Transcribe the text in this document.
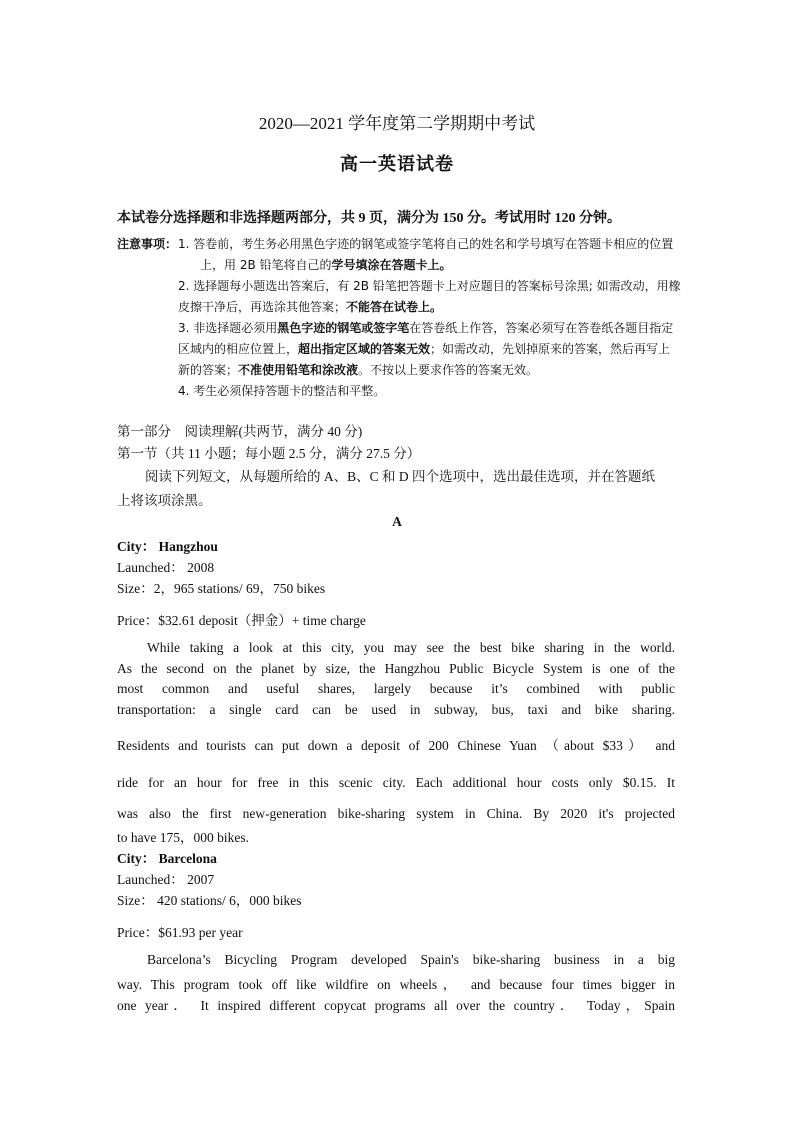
2020—2021 学年度第二学期期中考试
高一英语试卷
本试卷分选择题和非选择题两部分，共 9 页，满分为 150 分。考试用时 120 分钟。
注意事项： 1. 答卷前，考生务必用黑色字迹的钢笔或签字笔将自己的姓名和学号填写在答题卡相应的位置
上，用 2B 铅笔将自己的学号填涂在答题卡上。
2. 选择题每小题选出答案后，有 2B 铅笔把答题卡上对应题目的答案标号涂黑; 如需改动，用橡
皮擦干净后，再选涂其他答案；不能答在试卷上。
3. 非选择题必须用黑色字迹的钢笔或签字笔在答卷纸上作答，答案必须写在答卷纸各题目指定
区域内的相应位置上，超出指定区域的答案无效；如需改动，先划掉原来的答案，然后再写上
新的答案；不准使用铅笔和涂改液。不按以上要求作答的答案无效。
4. 考生必须保持答题卡的整洁和平整。
第一部分　阅读理解(共两节，满分 40 分)
第一节（共 11 小题；每小题 2.5 分，满分 27.5 分）
阅读下列短文，从每题所给的 A、B、C 和 D 四个选项中，选出最佳选项，并在答题纸
上将该项涂黑。
A
City： Hangzhou
Launched： 2008
Size：2，965 stations/ 69，750 bikes
Price：$32.61 deposit（押金）+ time charge
While taking a look at this city, you may see the best bike sharing in the world.
As the second on the planet by size, the Hangzhou Public Bicycle System is one of the
most common and useful shares, largely because it’s combined with public
transportation: a single card can be used in subway, bus, taxi and bike sharing.
Residents and tourists can put down a deposit of 200 Chinese Yuan （about $33） and
ride for an hour for free in this scenic city. Each additional hour costs only $0.15. It
was also the first new-generation bike-sharing system in China. By 2020 it's projected
to have 175，000 bikes.
City： Barcelona
Launched： 2007
Size： 420 stations/ 6，000 bikes
Price：$61.93 per year
Barcelona’s Bicycling Program developed Spain's bike-sharing business in a big
way. This program took off like wildfire on wheels， and because four times bigger in
one year． It inspired different copycat programs all over the country． Today，Spain
